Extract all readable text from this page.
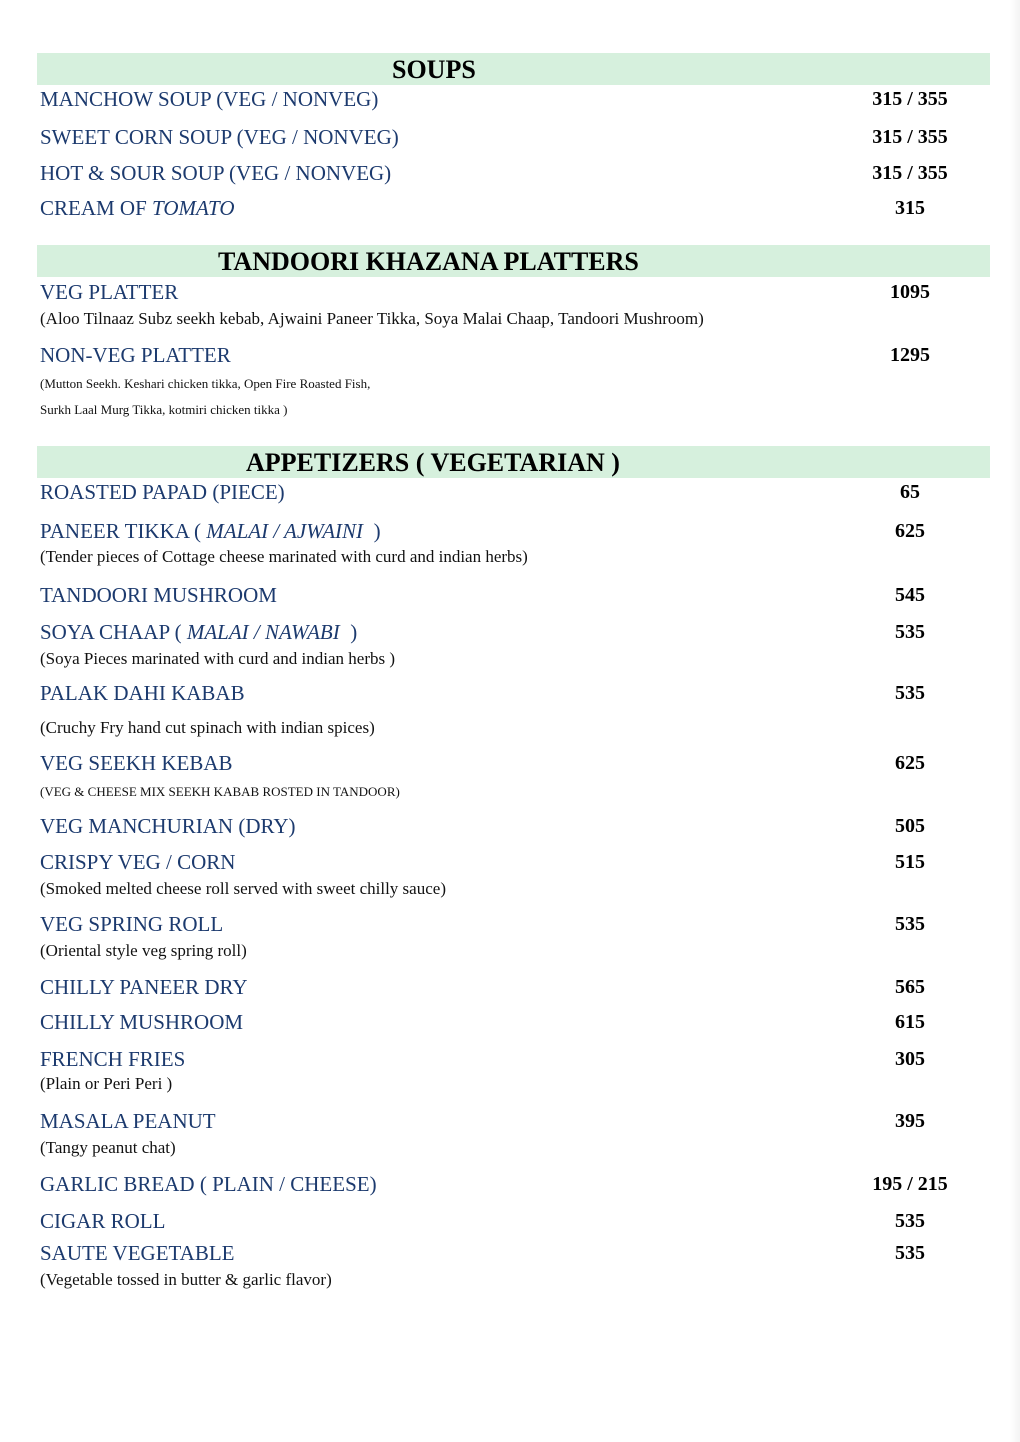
SOUPS
MANCHOW SOUP (VEG / NONVEG)	315 / 355
SWEET CORN SOUP (VEG / NONVEG)	315 / 355
HOT & SOUR SOUP (VEG / NONVEG)	315 / 355
CREAM OF TOMATO	315
TANDOORI KHAZANA PLATTERS
VEG PLATTER	1095
(Aloo Tilnaaz Subz seekh kebab, Ajwaini Paneer Tikka, Soya Malai Chaap, Tandoori Mushroom)
NON-VEG PLATTER	1295
(Mutton Seekh. Keshari chicken tikka, Open Fire Roasted Fish,
Surkh Laal Murg Tikka, kotmiri chicken tikka )
APPETIZERS ( VEGETARIAN )
ROASTED PAPAD (PIECE)	65
PANEER TIKKA ( MALAI / AJWAINI  )	625
(Tender pieces of Cottage cheese marinated with curd and indian herbs)
TANDOORI MUSHROOM	545
SOYA CHAAP ( MALAI / NAWABI  )	535
(Soya Pieces marinated with curd and indian herbs )
PALAK DAHI KABAB	535
(Cruchy Fry hand cut spinach with indian spices)
VEG SEEKH KEBAB	625
(VEG & CHEESE MIX SEEKH KABAB ROSTED IN TANDOOR)
VEG MANCHURIAN (DRY)	505
CRISPY VEG / CORN	515
(Smoked melted cheese roll served with sweet chilly sauce)
VEG SPRING ROLL	535
(Oriental style veg spring roll)
CHILLY PANEER DRY	565
CHILLY MUSHROOM	615
FRENCH FRIES	305
(Plain or Peri Peri )
MASALA PEANUT	395
(Tangy peanut chat)
GARLIC BREAD ( PLAIN / CHEESE)	195 / 215
CIGAR ROLL	535
SAUTE VEGETABLE	535
(Vegetable tossed in butter & garlic flavor)
